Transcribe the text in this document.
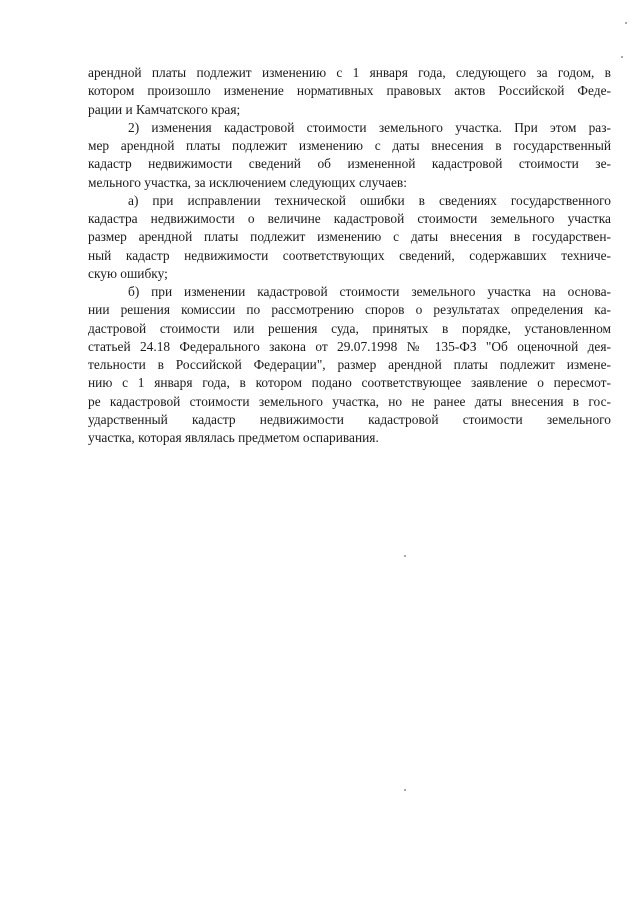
арендной платы подлежит изменению с 1 января года, следующего за годом, в
котором произошло изменение нормативных правовых актов Российской Феде-
рации и Камчатского края;
2) изменения кадастровой стоимости земельного участка. При этом раз-
мер арендной платы подлежит изменению с даты внесения в государственный
кадастр недвижимости сведений об измененной кадастровой стоимости зе-
мельного участка, за исключением следующих случаев:
а) при исправлении технической ошибки в сведениях государственного
кадастра недвижимости о величине кадастровой стоимости земельного участка
размер арендной платы подлежит изменению с даты внесения в государствен-
ный кадастр недвижимости соответствующих сведений, содержавших техниче-
скую ошибку;
б) при изменении кадастровой стоимости земельного участка на основа-
нии решения комиссии по рассмотрению споров о результатах определения ка-
дастровой стоимости или решения суда, принятых в порядке, установленном
статьей 24.18 Федерального закона от 29.07.1998 № 135-ФЗ "Об оценочной дея-
тельности в Российской Федерации", размер арендной платы подлежит измене-
нию с 1 января года, в котором подано соответствующее заявление о пересмот-
ре кадастровой стоимости земельного участка, но не ранее даты внесения в гос-
ударственный кадастр недвижимости кадастровой стоимости земельного
участка, которая являлась предметом оспаривания.
